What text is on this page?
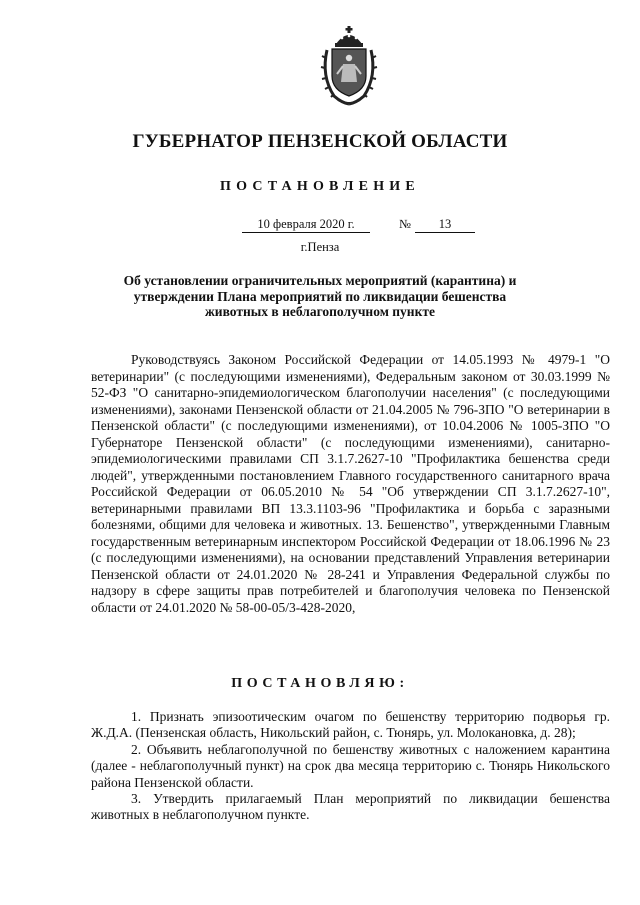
ГУБЕРНАТОР ПЕНЗЕНСКОЙ ОБЛАСТИ
ПОСТАНОВЛЕНИЕ
10 февраля 2020 г.	№	13
г.Пенза
Об установлении ограничительных мероприятий (карантина) и утверждении Плана мероприятий по ликвидации бешенства животных в неблагополучном пункте

Руководствуясь Законом Российской Федерации от 14.05.1993 № 4979-1 "О ветеринарии" (с последующими изменениями), Федеральным законом от 30.03.1999 № 52-ФЗ "О санитарно-эпидемиологическом благополучии населения" (с последующими изменениями), законами Пензенской области от 21.04.2005 № 796-ЗПО "О ветеринарии в Пензенской области" (с последующими изменениями), от 10.04.2006 № 1005-ЗПО "О Губернаторе Пензенской области" (с последующими изменениями), санитарно-эпидемиологическими правилами СП 3.1.7.2627-10 "Профилактика бешенства среди людей", утвержденными постановлением Главного государственного санитарного врача Российской Федерации от 06.05.2010 № 54 "Об утверждении СП 3.1.7.2627-10", ветеринарными правилами ВП 13.3.1103-96 "Профилактика и борьба с заразными болезнями, общими для человека и животных. 13. Бешенство", утвержденными Главным государственным ветеринарным инспектором Российской Федерации от 18.06.1996 № 23 (с последующими изменениями), на основании представлений Управления ветеринарии Пензенской области от 24.01.2020 № 28-241 и Управления Федеральной службы по надзору в сфере защиты прав потребителей и благополучия человека по Пензенской области от 24.01.2020 № 58-00-05/3-428-2020,

ПОСТАНОВЛЯЮ:

1. Признать эпизоотическим очагом по бешенству территорию подворья гр. Ж.Д.А. (Пензенская область, Никольский район, с. Тюнярь, ул. Молокановка, д. 28);

2. Объявить неблагополучной по бешенству животных с наложением карантина (далее - неблагополучный пункт) на срок два месяца территорию с. Тюнярь Никольского района Пензенской области.

3. Утвердить прилагаемый План мероприятий по ликвидации бешенства животных в неблагополучном пункте.
